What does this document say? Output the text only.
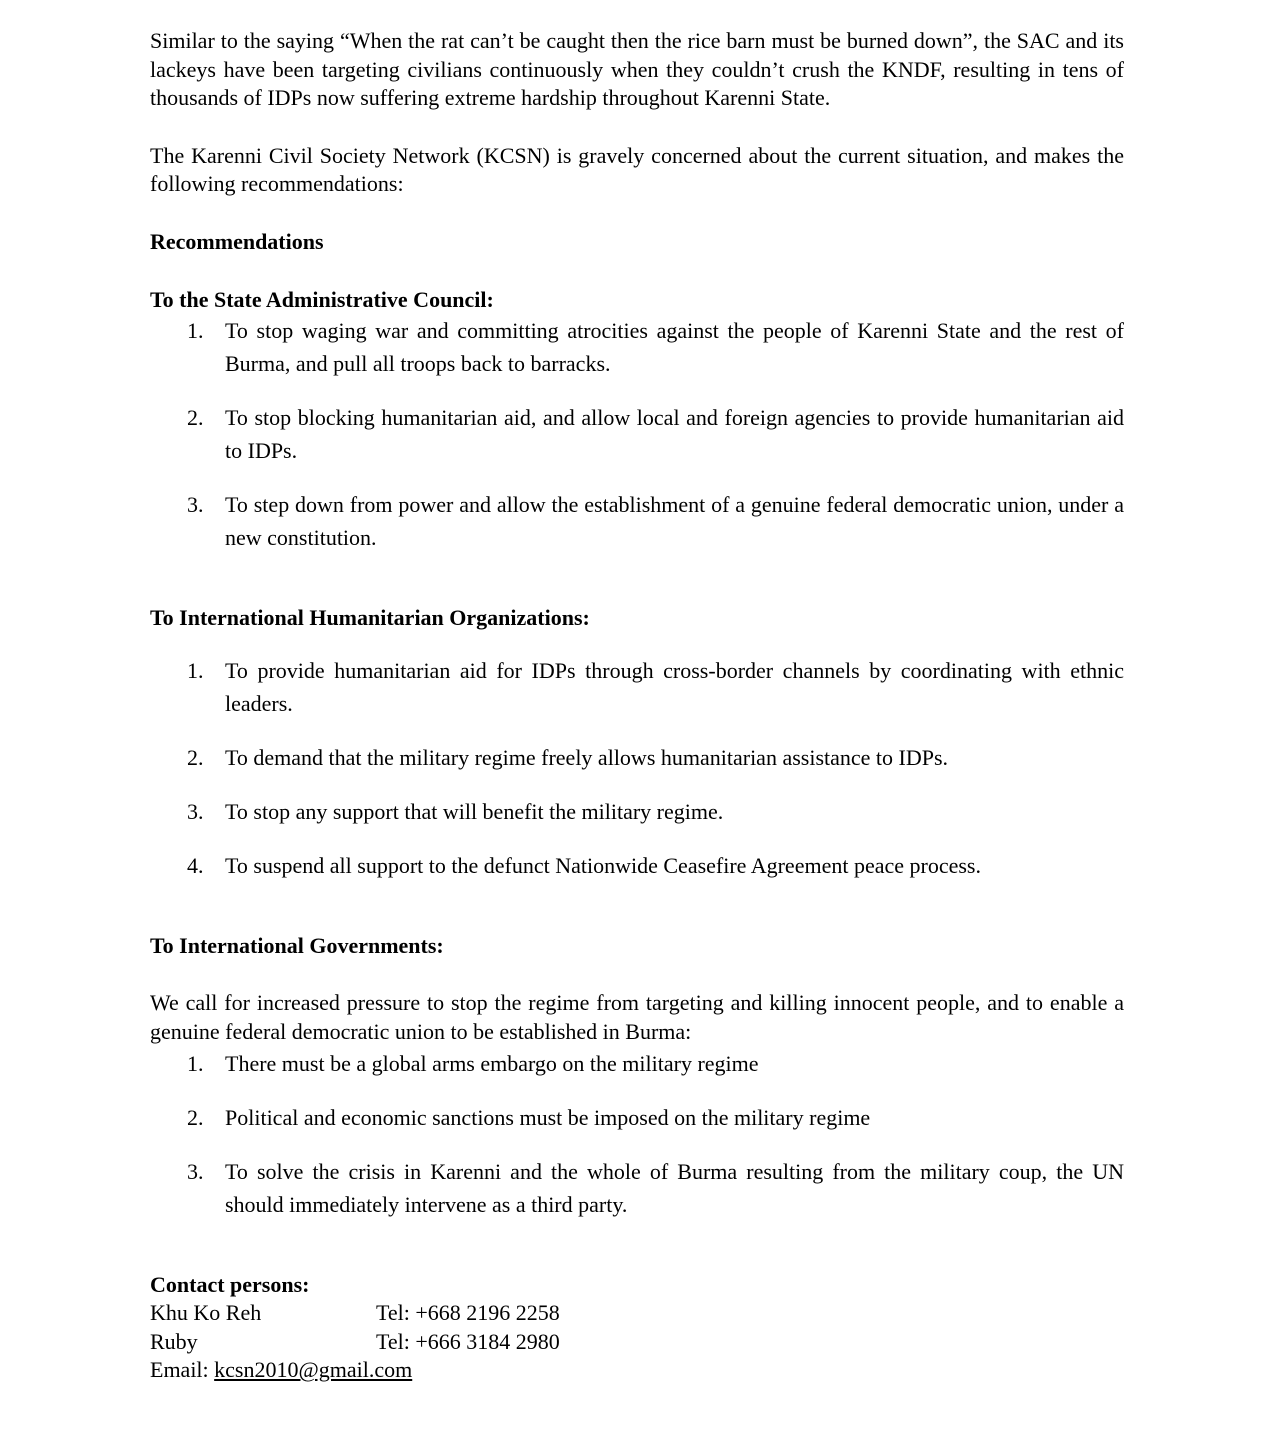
Similar to the saying “When the rat can’t be caught then the rice barn must be burned down”, the SAC and its lackeys have been targeting civilians continuously when they couldn’t crush the KNDF, resulting in tens of thousands of IDPs now suffering extreme hardship throughout Karenni State.

The Karenni Civil Society Network (KCSN) is gravely concerned about the current situation, and makes the following recommendations:

Recommendations

To the State Administrative Council:

1. To stop waging war and committing atrocities against the people of Karenni State and the rest of Burma, and pull all troops back to barracks.
2. To stop blocking humanitarian aid, and allow local and foreign agencies to provide humanitarian aid to IDPs.
3. To step down from power and allow the establishment of a genuine federal democratic union, under a new constitution.

To International Humanitarian Organizations:

1. To provide humanitarian aid for IDPs through cross-border channels by coordinating with ethnic leaders.
2. To demand that the military regime freely allows humanitarian assistance to IDPs.
3. To stop any support that will benefit the military regime.
4. To suspend all support to the defunct Nationwide Ceasefire Agreement peace process.

To International Governments:

We call for increased pressure to stop the regime from targeting and killing innocent people, and to enable a genuine federal democratic union to be established in Burma:

1. There must be a global arms embargo on the military regime
2. Political and economic sanctions must be imposed on the military regime
3. To solve the crisis in Karenni and the whole of Burma resulting from the military coup, the UN should immediately intervene as a third party.

Contact persons:

Khu Ko Reh	Tel: +668 2196 2258
Ruby	Tel: +666 3184 2980

Email: kcsn2010@gmail.com
